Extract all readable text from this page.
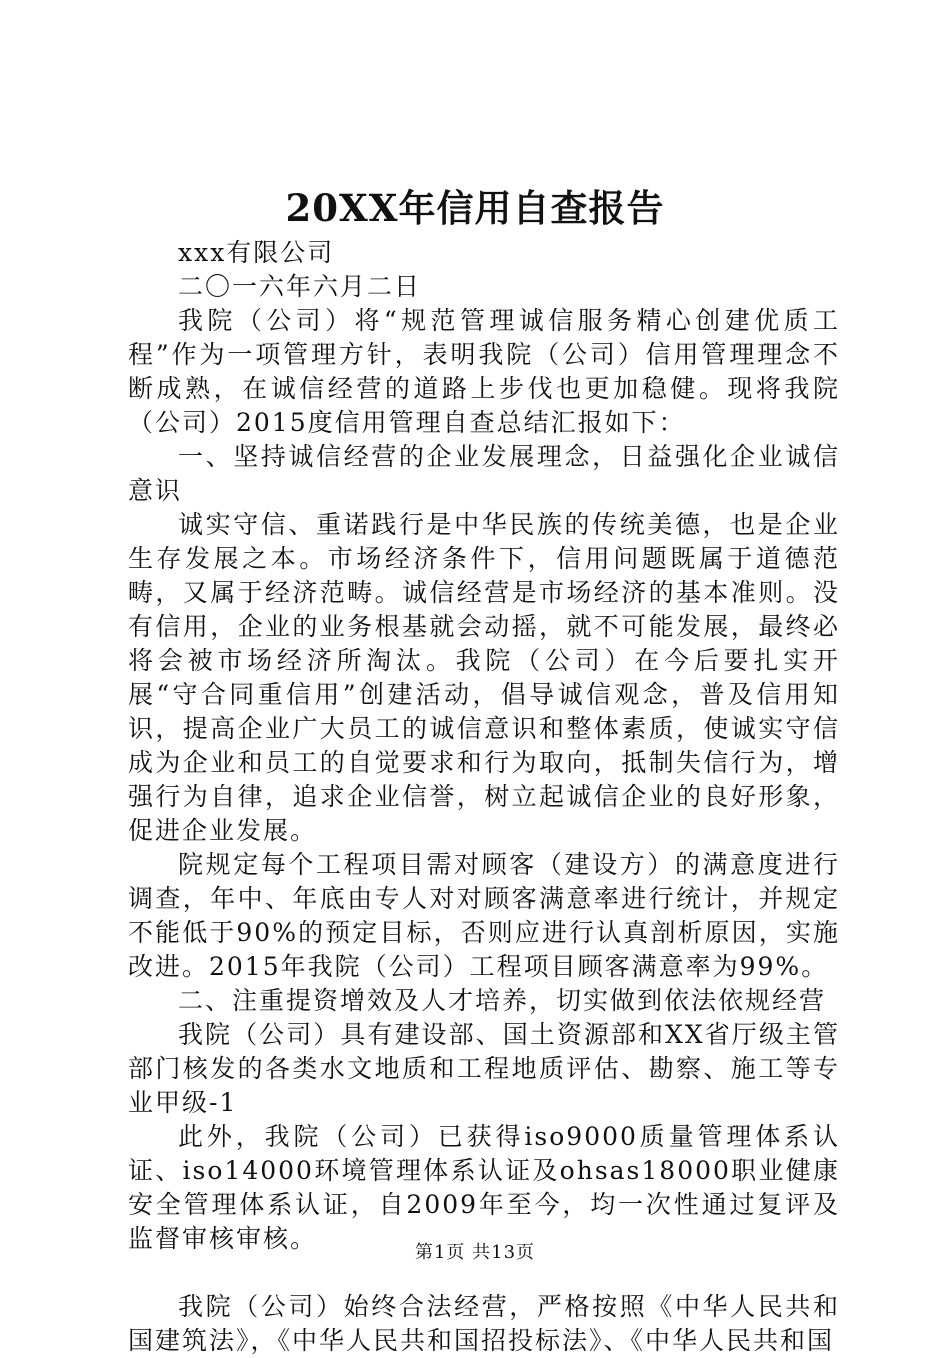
20XX年信用自查报告

xxx有限公司

二〇一六年六月二日

我院（公司）将“规范管理诚信服务精心创建优质工程”作为一项管理方针，表明我院（公司）信用管理理念不断成熟，在诚信经营的道路上步伐也更加稳健。现将我院（公司）2015度信用管理自查总结汇报如下：

一、坚持诚信经营的企业发展理念，日益强化企业诚信意识

诚实守信、重诺践行是中华民族的传统美德，也是企业生存发展之本。市场经济条件下，信用问题既属于道德范畴，又属于经济范畴。诚信经营是市场经济的基本准则。没有信用，企业的业务根基就会动摇，就不可能发展，最终必将会被市场经济所淘汰。我院（公司）在今后要扎实开展“守合同重信用”创建活动，倡导诚信观念，普及信用知识，提高企业广大员工的诚信意识和整体素质，使诚实守信成为企业和员工的自觉要求和行为取向，抵制失信行为，增强行为自律，追求企业信誉，树立起诚信企业的良好形象，促进企业发展。

院规定每个工程项目需对顾客（建设方）的满意度进行调查，年中、年底由专人对对顾客满意率进行统计，并规定不能低于90%的预定目标，否则应进行认真剖析原因，实施改进。2015年我院（公司）工程项目顾客满意率为99%。

二、注重提资增效及人才培养，切实做到依法依规经营

我院（公司）具有建设部、国土资源部和XX省厅级主管部门核发的各类水文地质和工程地质评估、勘察、施工等专业甲级-1

此外，我院（公司）已获得iso9000质量管理体系认证、iso14000环境管理体系认证及ohsas18000职业健康安全管理体系认证，自2009年至今，均一次性通过复评及监督审核审核。

我院（公司）始终合法经营，严格按照《中华人民共和国建筑法》，《中华人民共和国招投标法》、《中华人民共和国

第1页 共13页
